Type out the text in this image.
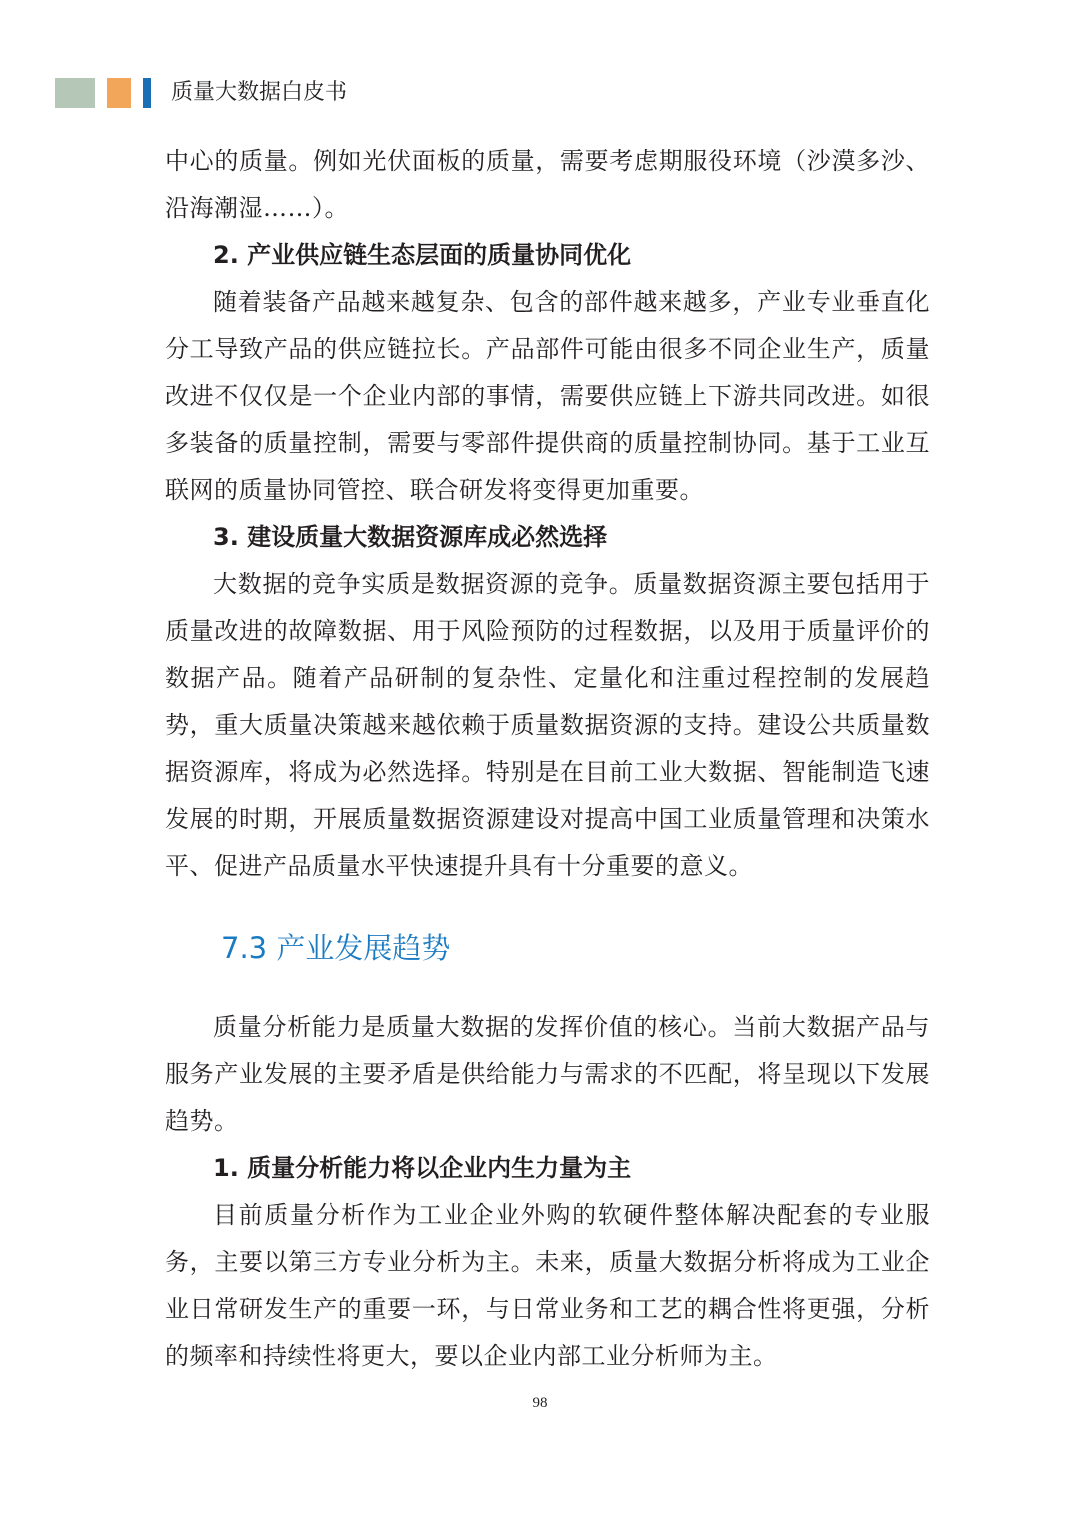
质量大数据白皮书

中心的质量。例如光伏面板的质量，需要考虑期服役环境（沙漠多沙、沿海潮湿……）。

2. 产业供应链生态层面的质量协同优化

随着装备产品越来越复杂、包含的部件越来越多，产业专业垂直化分工导致产品的供应链拉长。产品部件可能由很多不同企业生产，质量改进不仅仅是一个企业内部的事情，需要供应链上下游共同改进。如很多装备的质量控制，需要与零部件提供商的质量控制协同。基于工业互联网的质量协同管控、联合研发将变得更加重要。

3. 建设质量大数据资源库成必然选择

大数据的竞争实质是数据资源的竞争。质量数据资源主要包括用于质量改进的故障数据、用于风险预防的过程数据，以及用于质量评价的数据产品。随着产品研制的复杂性、定量化和注重过程控制的发展趋势，重大质量决策越来越依赖于质量数据资源的支持。建设公共质量数据资源库，将成为必然选择。特别是在目前工业大数据、智能制造飞速发展的时期，开展质量数据资源建设对提高中国工业质量管理和决策水平、促进产品质量水平快速提升具有十分重要的意义。

7.3 产业发展趋势

质量分析能力是质量大数据的发挥价值的核心。当前大数据产品与服务产业发展的主要矛盾是供给能力与需求的不匹配，将呈现以下发展趋势。

1. 质量分析能力将以企业内生力量为主

目前质量分析作为工业企业外购的软硬件整体解决配套的专业服务，主要以第三方专业分析为主。未来，质量大数据分析将成为工业企业日常研发生产的重要一环，与日常业务和工艺的耦合性将更强，分析的频率和持续性将更大，要以企业内部工业分析师为主。

98
